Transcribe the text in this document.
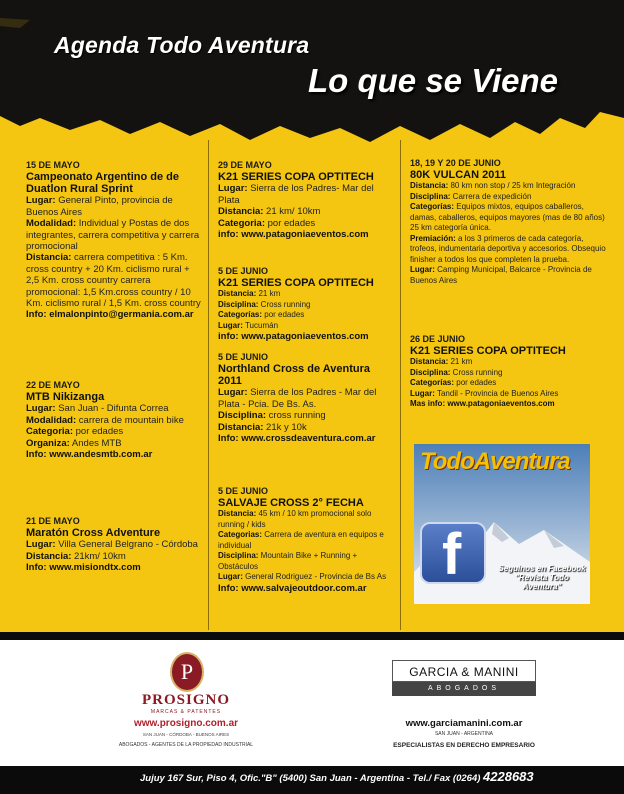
Agenda Todo Aventura
Lo que se Viene
15 DE MAYO
Campeonato Argentino de de Duatlon Rural Sprint

Lugar: General Pinto, provincia de Buenos Aires

Modalidad: Individual y Postas de dos integrantes, carrera competitiva y carrera promocional

Distancia: carrera competitiva : 5 Km. cross country + 20 Km. ciclismo rural + 2,5 Km. cross country carrera promocional: 1,5 Km.cross country / 10 Km. ciclismo rural / 1,5 Km. cross country

Info: elmalonpinto@germania.com.ar

22 DE MAYO
MTB Nikizanga

Lugar: San Juan - Difunta Correa

Modalidad: carrera de mountain bike

Categoria: por edades

Organiza: Andes MTB

Info: www.andesmtb.com.ar

21 DE MAYO
Maratón Cross Adventure

Lugar: Villa General Belgrano - Córdoba

Distancia: 21km/ 10km

Info: www.misiondtx.com

29 DE MAYO
K21 SERIES COPA OPTITECH

Lugar: Sierra de los Padres- Mar del Plata

Distancia: 21 km/ 10km

Categoria: por edades

info: www.patagoniaeventos.com

5 DE JUNIO
K21 SERIES COPA OPTITECH

Distancia: 21 km

Disciplina: Cross running

Categorías: por edades

Lugar: Tucumán

info: www.patagoniaeventos.com

5 DE JUNIO
Northland Cross de Aventura 2011

Lugar: Sierra de los Padres - Mar del Plata - Pcia. De Bs. As.

Disciplina: cross running

Distancia: 21k y 10k

Info: www.crossdeaventura.com.ar

5 DE JUNIO
SALVAJE CROSS 2° FECHA

Distancia: 45 km / 10 km promocional solo running / kids

Categorias: Carrera de aventura en equipos e individual

Disciplina: Mountain Bike + Running + Obstáculos

Lugar: General Rodriguez - Provincia de Bs As

Info: www.salvajeoutdoor.com.ar

18, 19 Y 20 DE JUNIO
80K VULCAN 2011

Distancia: 80 km non stop / 25 km Integración

Disciplina: Carrera de expedición

Categorías: Equipos mixtos, equipos caballeros, damas, caballeros, equipos mayores (mas de 80 años) 25 km categoría única.

Premiación: a los 3 primeros de cada categoría, trofeos, indumentaria deportiva y accesorios. Obsequio finisher a todos los que completen la prueba.

Lugar: Camping Municipal, Balcarce - Provincia de Buenos Aires

26 DE JUNIO
K21 SERIES COPA OPTITECH

Distancia: 21 km

Disciplina: Cross running

Categorías: por edades

Lugar: Tandil - Provincia de Buenos Aires

Mas info: www.patagoniaeventos.com

TodoAventura
f	Seguinos en Facebook
"Revista Todo Aventura"
P
PROSIGNO
MARCAS & PATENTES
www.prosigno.com.ar
SAN JUAN - CÓRDOBA - BUENOS AIRES
ABOGADOS - AGENTES DE LA PROPIEDAD INDUSTRIAL
GARCIA & MANINI
ABOGADOS
www.garciamanini.com.ar
SAN JUAN - ARGENTINA
ESPECIALISTAS EN DERECHO EMPRESARIO
Jujuy 167 Sur, Piso 4, Ofic."B" (5400) San Juan - Argentina - Tel./ Fax (0264) 4228683
